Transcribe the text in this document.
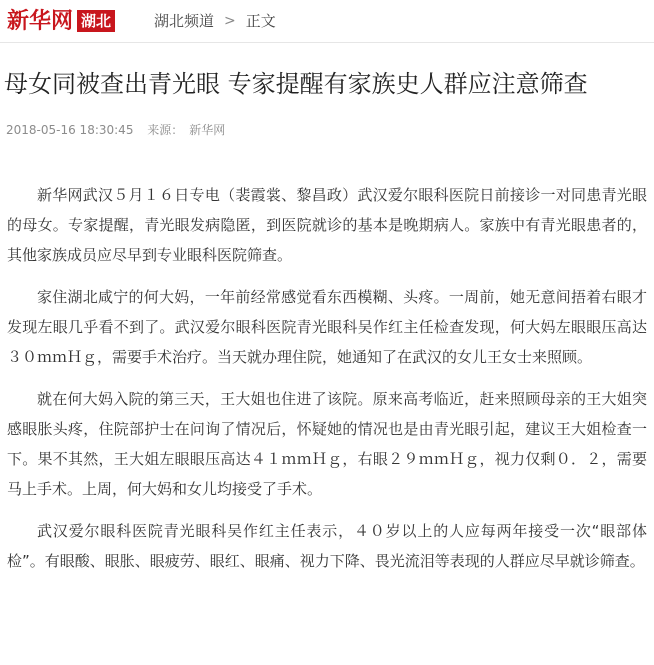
新华网 湖北	湖北频道 > 正文
母女同被查出青光眼 专家提醒有家族史人群应注意筛查
2018-05-16 18:30:45 来源： 新华网

新华网武汉５月１６日专电（裴霞裳、黎昌政）武汉爱尔眼科医院日前接诊一对同患青光眼的母女。专家提醒，青光眼发病隐匿，到医院就诊的基本是晚期病人。家族中有青光眼患者的，其他家族成员应尽早到专业眼科医院筛查。

家住湖北咸宁的何大妈，一年前经常感觉看东西模糊、头疼。一周前，她无意间捂着右眼才发现左眼几乎看不到了。武汉爱尔眼科医院青光眼科吴作红主任检查发现，何大妈左眼眼压高达３０ｍｍＨｇ，需要手术治疗。当天就办理住院，她通知了在武汉的女儿王女士来照顾。

就在何大妈入院的第三天，王大姐也住进了该院。原来高考临近，赶来照顾母亲的王大姐突感眼胀头疼，住院部护士在问询了情况后，怀疑她的情况也是由青光眼引起，建议王大姐检查一下。果不其然，王大姐左眼眼压高达４１ｍｍＨｇ，右眼２９ｍｍＨｇ，视力仅剩０．２，需要马上手术。上周，何大妈和女儿均接受了手术。

武汉爱尔眼科医院青光眼科吴作红主任表示，４０岁以上的人应每两年接受一次“眼部体检”。有眼酸、眼胀、眼疲劳、眼红、眼痛、视力下降、畏光流泪等表现的人群应尽早就诊筛查。
